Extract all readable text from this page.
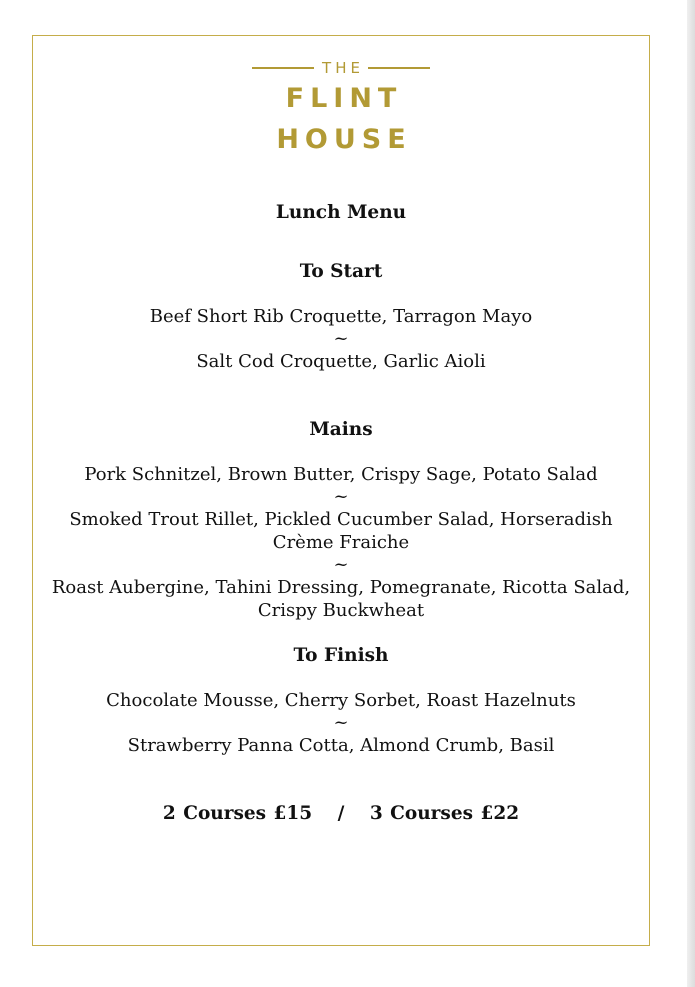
THE
FLINT
HOUSE
Lunch Menu
To Start

Beef Short Rib Croquette, Tarragon Mayo

~

Salt Cod Croquette, Garlic Aioli

Mains

Pork Schnitzel, Brown Butter, Crispy Sage, Potato Salad

~

Smoked Trout Rillet, Pickled Cucumber Salad, Horseradish

Crème Fraiche

~

Roast Aubergine, Tahini Dressing, Pomegranate, Ricotta Salad,

Crispy Buckwheat

To Finish

Chocolate Mousse, Cherry Sorbet, Roast Hazelnuts

~

Strawberry Panna Cotta, Almond Crumb, Basil

2 Courses £15 / 3 Courses £22
